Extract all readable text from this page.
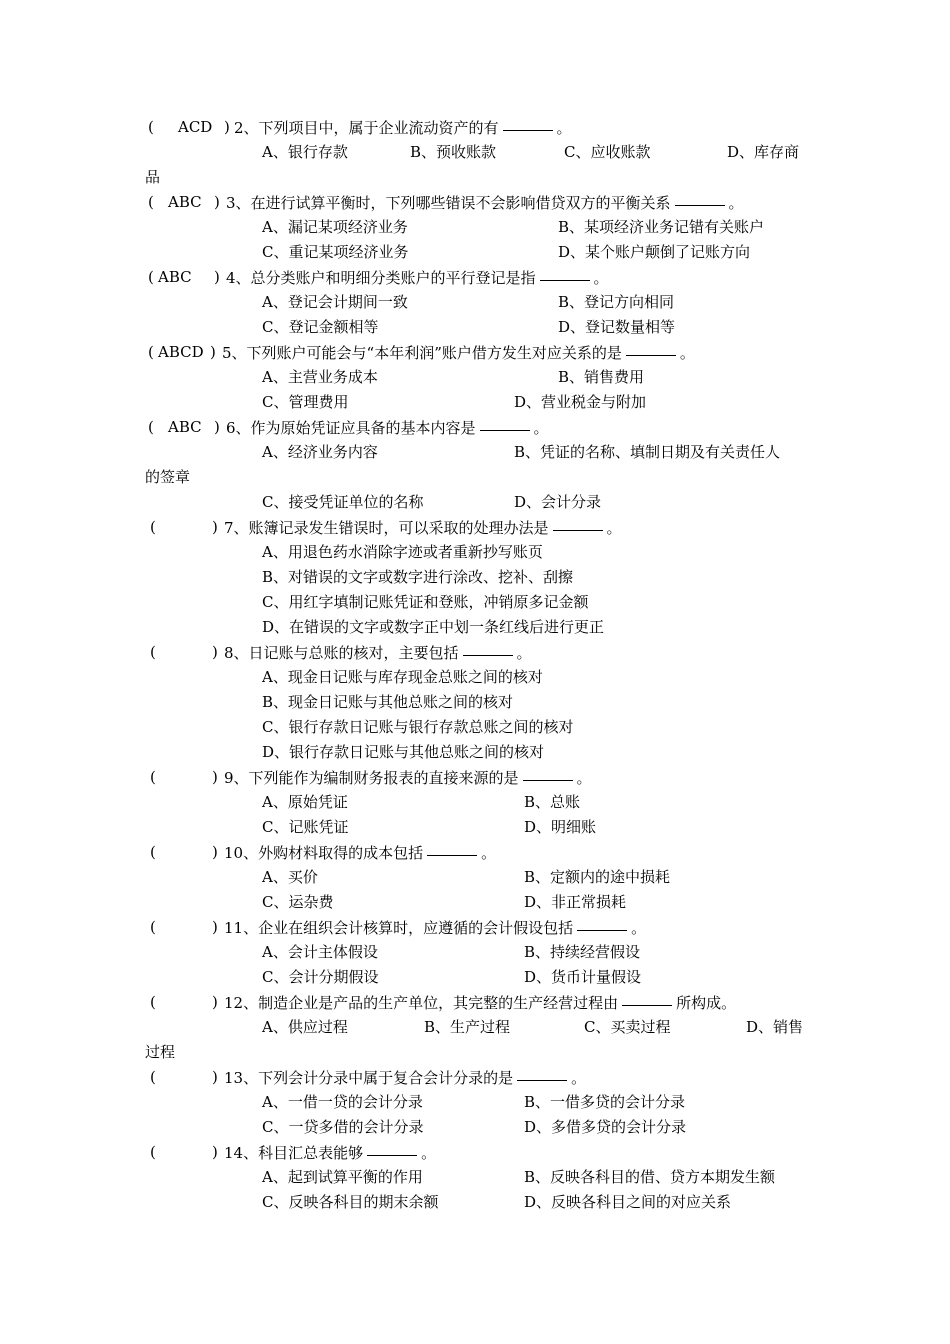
( ACD ) 2、下列项目中，属于企业流动资产的有	。
A、银行存款	B、预收账款	C、应收账款	D、库存商
品
( ABC ) 3、在进行试算平衡时，下列哪些错误不会影响借贷双方的平衡关系	。
A、漏记某项经济业务	B、某项经济业务记错有关账户
C、重记某项经济业务	D、某个账户颠倒了记账方向
( ABC ) 4、总分类账户和明细分类账户的平行登记是指	。
A、登记会计期间一致	B、登记方向相同
C、登记金额相等	D、登记数量相等
( ABCD ) 5、下列账户可能会与“本年利润”账户借方发生对应关系的是	。
A、主营业务成本	B、销售费用
C、管理费用	D、营业税金与附加
( ABC ) 6、作为原始凭证应具备的基本内容是	。
A、经济业务内容	B、凭证的名称、填制日期及有关责任人
的签章
C、接受凭证单位的名称	D、会计分录
(	) 7、账簿记录发生错误时，可以采取的处理办法是	。
A、用退色药水消除字迹或者重新抄写账页
B、对错误的文字或数字进行涂改、挖补、刮擦
C、用红字填制记账凭证和登账，冲销原多记金额
D、在错误的文字或数字正中划一条红线后进行更正
(	) 8、日记账与总账的核对，主要包括	。
A、现金日记账与库存现金总账之间的核对
B、现金日记账与其他总账之间的核对
C、银行存款日记账与银行存款总账之间的核对
D、银行存款日记账与其他总账之间的核对
(	) 9、下列能作为编制财务报表的直接来源的是	。
A、原始凭证	B、总账
C、记账凭证	D、明细账
(	) 10、外购材料取得的成本包括	。
A、买价	B、定额内的途中损耗
C、运杂费	D、非正常损耗
(	) 11、企业在组织会计核算时，应遵循的会计假设包括	。
A、会计主体假设	B、持续经营假设
C、会计分期假设	D、货币计量假设
(	) 12、制造企业是产品的生产单位，其完整的生产经营过程由	所构成。
A、供应过程	B、生产过程	C、买卖过程	D、销售
过程
(	) 13、下列会计分录中属于复合会计分录的是	。
A、一借一贷的会计分录	B、一借多贷的会计分录
C、一贷多借的会计分录	D、多借多贷的会计分录
(	) 14、科目汇总表能够	。
A、起到试算平衡的作用	B、反映各科目的借、贷方本期发生额
C、反映各科目的期末余额	D、反映各科目之间的对应关系
